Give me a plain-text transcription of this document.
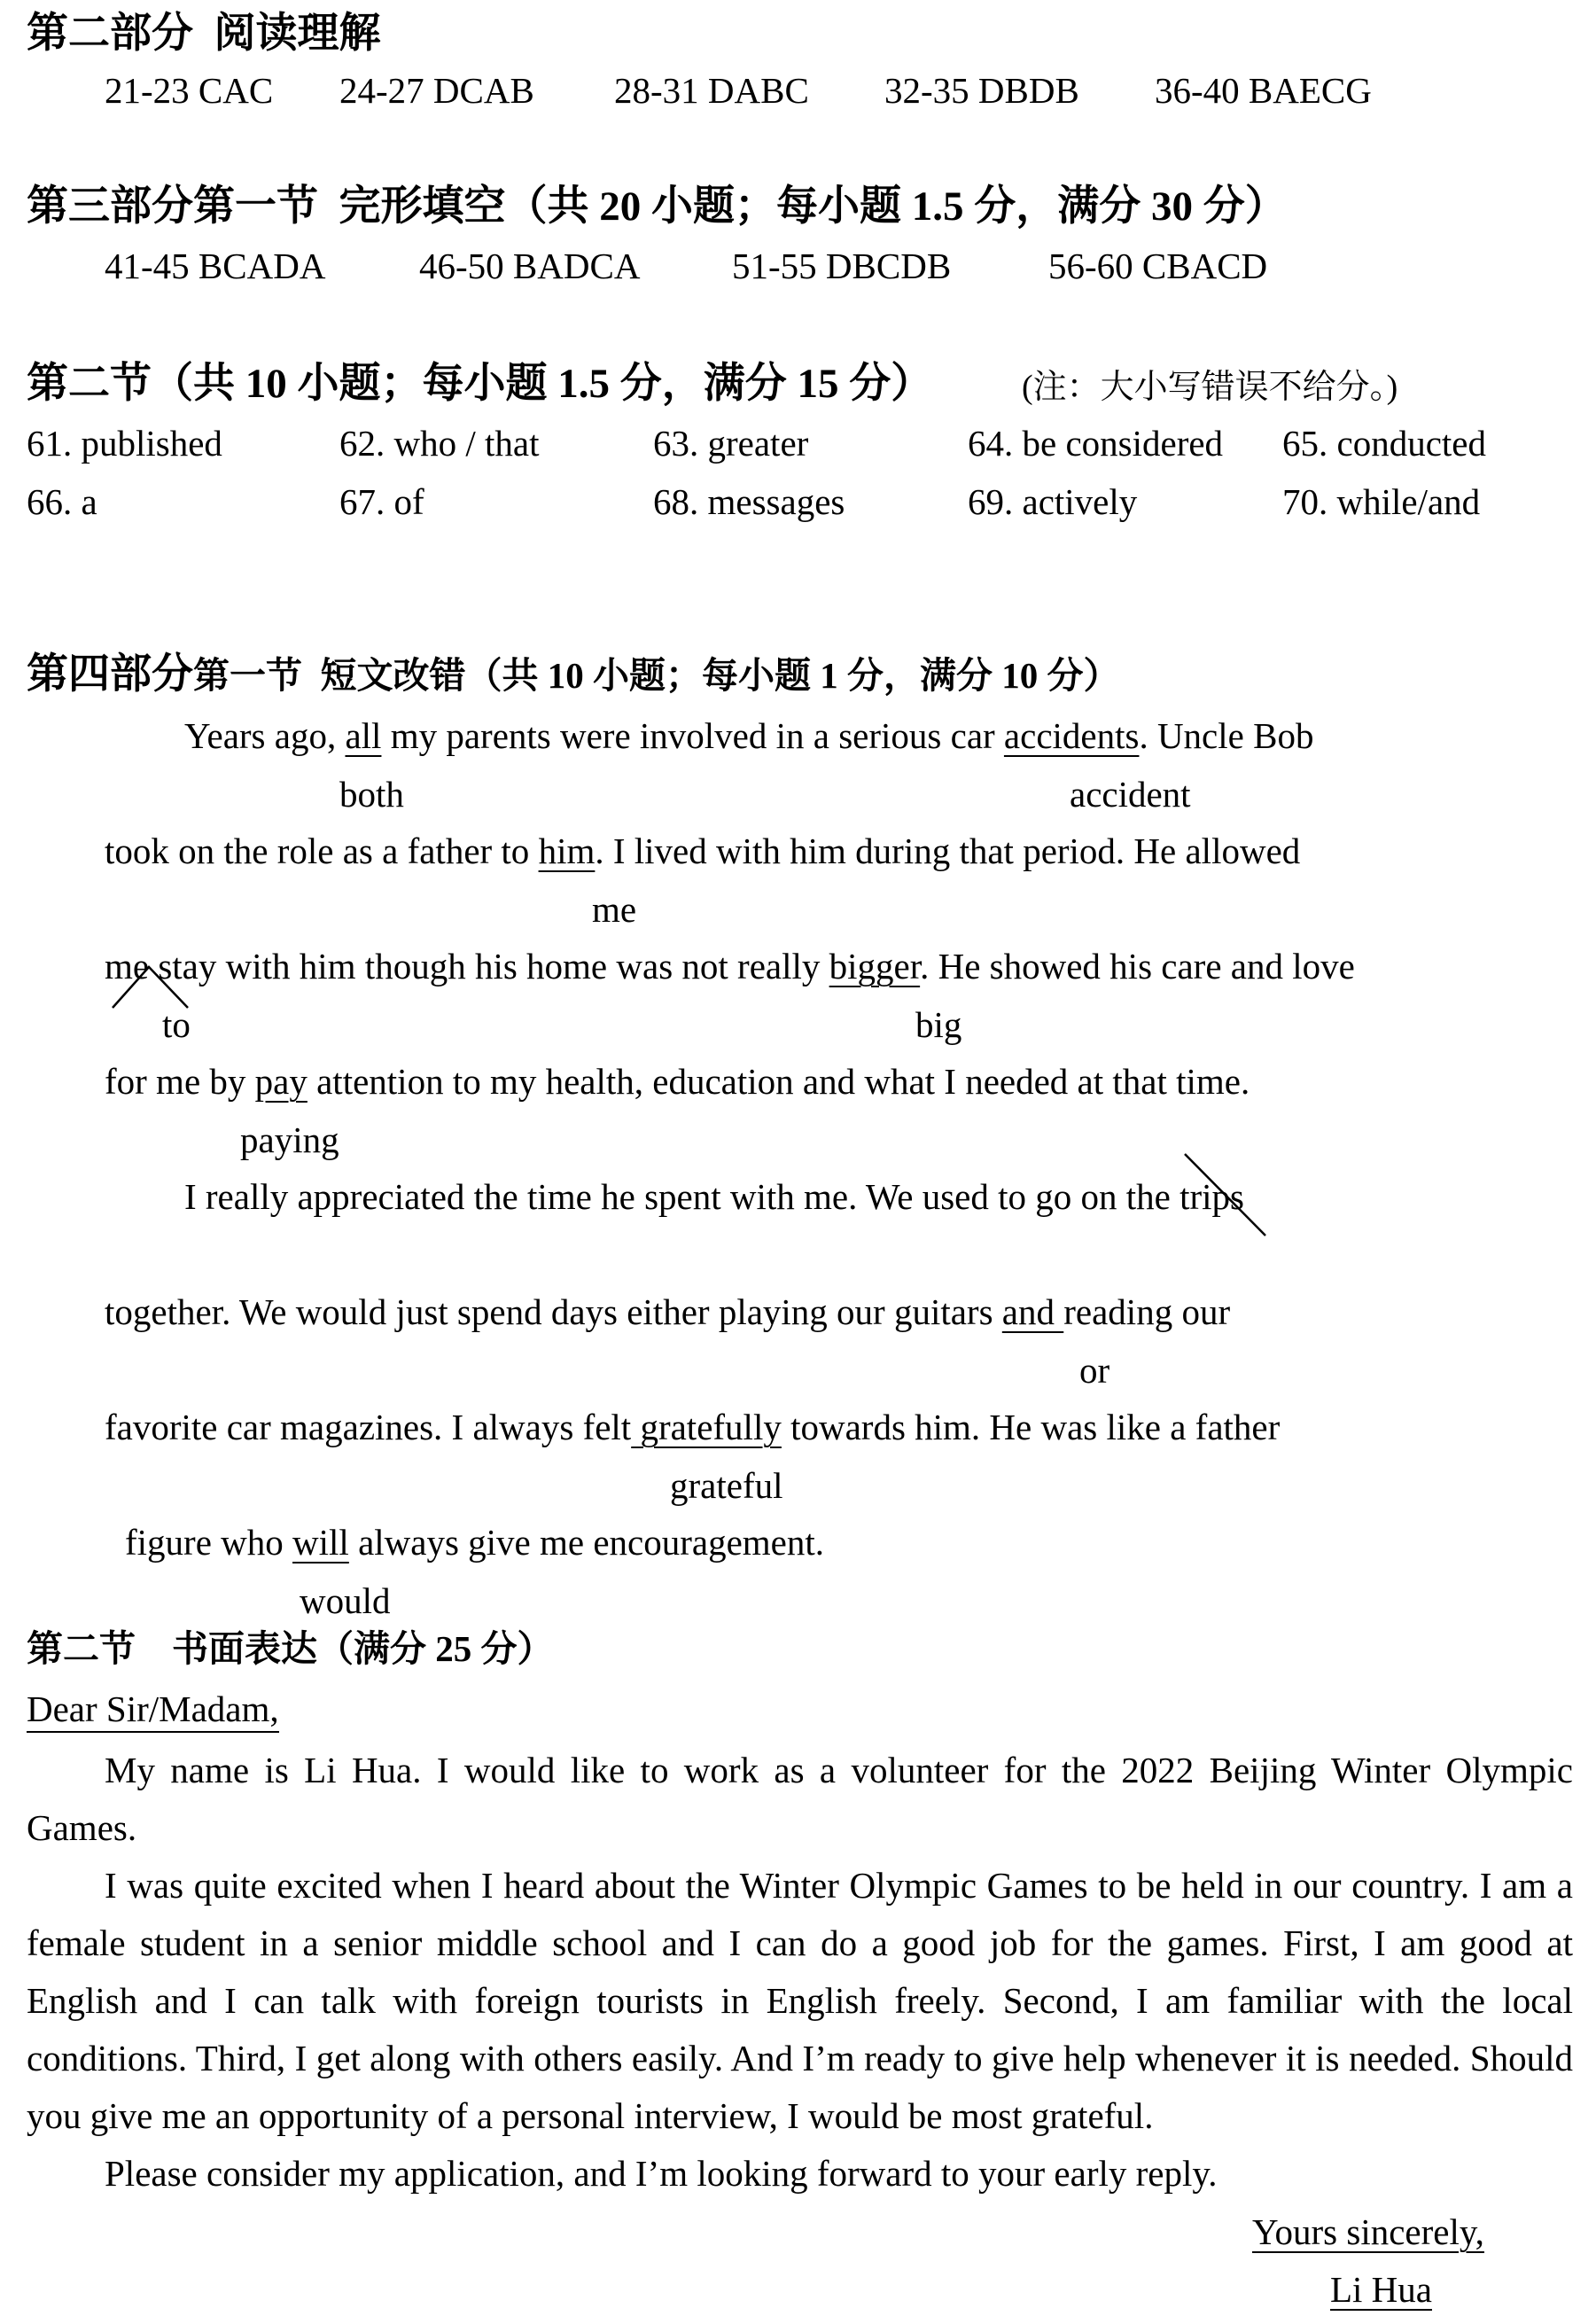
第二部分  阅读理解
21-23 CAC 24-27 DCAB 28-31 DABC 32-35 DBDB 36-40 BAECG
第三部分第一节  完形填空（共 20 小题；每小题 1.5 分，满分 30 分）
41-45 BCADA	46-50 BADCA	51-55 DBCDB	56-60 CBACD
第二节（共 10 小题；每小题 1.5 分，满分 15 分）	(注：大小写错误不给分。)
61. published	62. who / that	63. greater	64. be considered 65. conducted
66. a	67. of	68. messages	69. actively	70. while/and
第四部分第一节  短文改错（共 10 小题；每小题 1 分，满分 10 分）
Years ago, all my parents were involved in a serious car accidents. Uncle Bob
both	accident
took on the role as a father to him. I lived with him during that period. He allowed
me
me stay with him though his home was not really bigger. He showed his care and love
to	big
for me by pay attention to my health, education and what I needed at that time.
paying
I really appreciated the time he spent with me. We used to go on the trips
together. We would just spend days either playing our guitars and reading our
or
favorite car magazines. I always felt gratefully towards him. He was like a father
grateful
figure who will always give me encouragement.
would
第二节    书面表达（满分 25 分）
Dear Sir/Madam,
My name is Li Hua. I would like to work as a volunteer for the 2022 Beijing Winter Olympic Games.
I was quite excited when I heard about the Winter Olympic Games to be held in our country. I am a female student in a senior middle school and I can do a good job for the games. First, I am good at English and I can talk with foreign tourists in English freely. Second, I am familiar with the local conditions. Third, I get along with others easily. And I’m ready to give help whenever it is needed. Should you give me an opportunity of a personal interview, I would be most grateful.
Please consider my application, and I’m looking forward to your early reply.
Yours sincerely,
Li Hua
